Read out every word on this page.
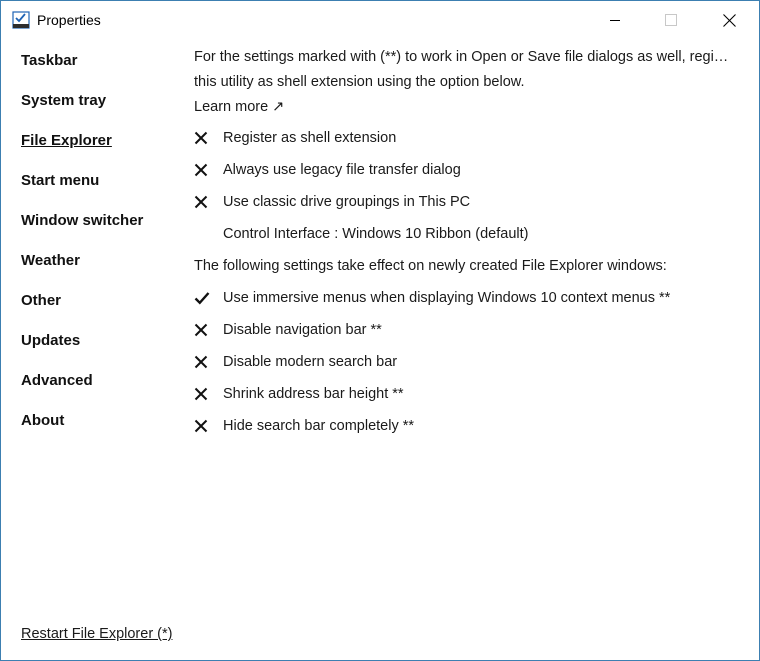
Properties
Taskbar
System tray
File Explorer
Start menu
Window switcher
Weather
Other
Updates
Advanced
About
For the settings marked with (**) to work in Open or Save file dialogs as well, regi…
this utility as shell extension using the option below.
Learn more ↗
Register as shell extension
Always use legacy file transfer dialog
Use classic drive groupings in This PC
Control Interface : Windows 10 Ribbon (default)
The following settings take effect on newly created File Explorer windows:
Use immersive menus when displaying Windows 10 context menus **
Disable navigation bar **
Disable modern search bar
Shrink address bar height **
Hide search bar completely **
Restart File Explorer (*)
